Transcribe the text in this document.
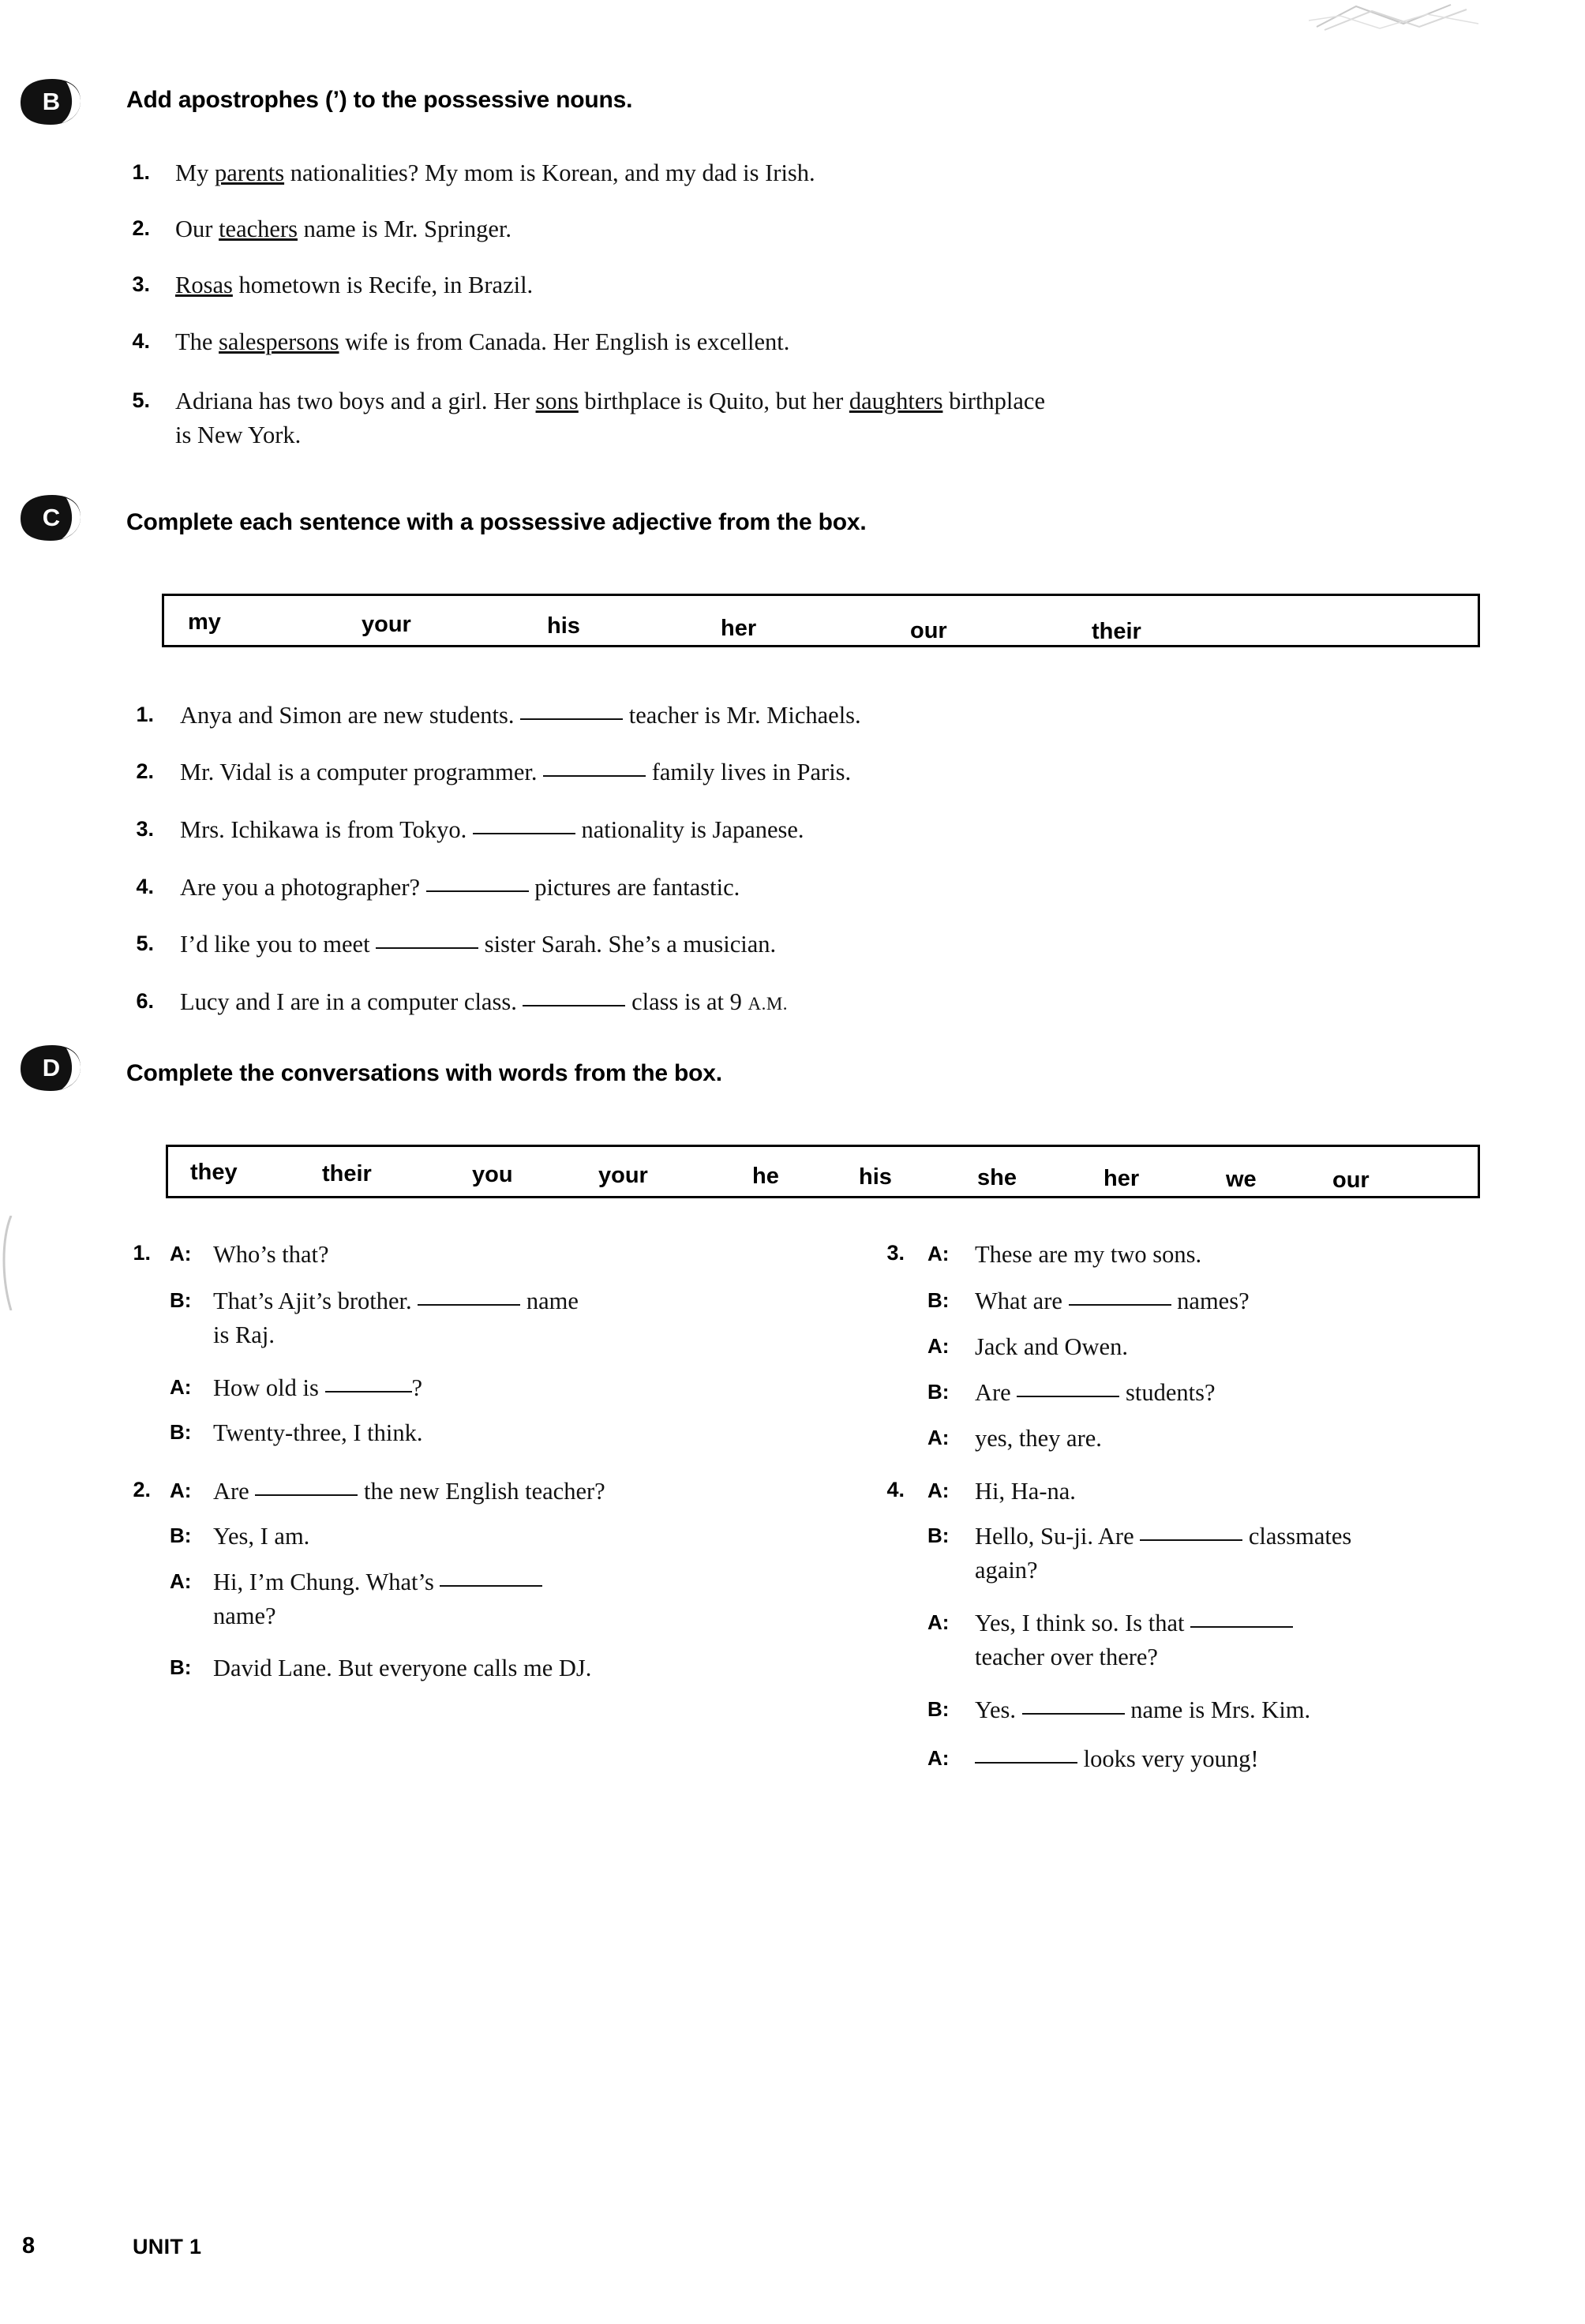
B	Add apostrophes (’) to the possessive nouns.
1. My parents nationalities? My mom is Korean, and my dad is Irish.
2. Our teachers name is Mr. Springer.
3. Rosas hometown is Recife, in Brazil.
4. The salespersons wife is from Canada. Her English is excellent.
5. Adriana has two boys and a girl. Her sons birthplace is Quito, but her daughters birthplace
is New York.
C	Complete each sentence with a possessive adjective from the box.
my	your	his	her	our	their
1. Anya and Simon are new students.	teacher is Mr. Michaels.
2. Mr. Vidal is a computer programmer.	family lives in Paris.
3. Mrs. Ichikawa is from Tokyo.	nationality is Japanese.
4. Are you a photographer?	pictures are fantastic.
5. I’d like you to meet	sister Sarah. She’s a musician.
6. Lucy and I are in a computer class.	class is at 9 A.M.
D	Complete the conversations with words from the box.
they	their	you	your	he	his	she	her	we	our
1. A: Who’s that?
B: That’s Ajit’s brother.	name
is Raj.
A: How old is	?
B: Twenty-three, I think.
2. A: Are	the new English teacher?
B: Yes, I am.
A: Hi, I’m Chung. What’s
name?
B: David Lane. But everyone calls me DJ.
3. A: These are my two sons.
B: What are	names?
A: Jack and Owen.
B: Are	students?
A: yes, they are.
4. A: Hi, Ha-na.
B: Hello, Su-ji. Are	classmates
again?
A: Yes, I think so. Is that
teacher over there?
B: Yes.	name is Mrs. Kim.
A:	looks very young!
8	UNIT 1
